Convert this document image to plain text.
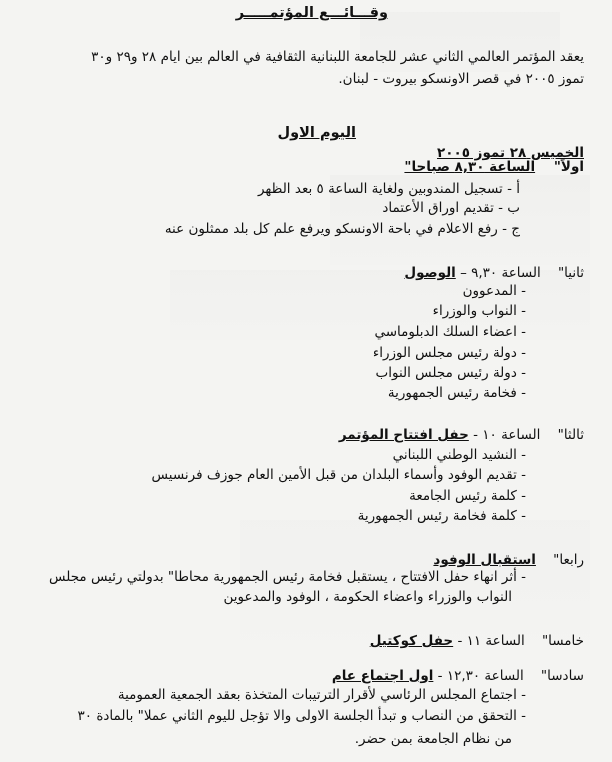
وقـــائـــع المؤتمـــــر
يعقد المؤتمر العالمي الثاني عشر للجامعة اللبنانية الثقافية في العالم بين ايام ٢٨ و٢٩ و٣٠
تموز ٢٠٠٥ في قصر الاونسكو بيروت - لبنان.
اليوم الاول
الخميس ٢٨ تموز ٢٠٠٥
اولاً"    الساعة ٨,٣٠ صباحا"
أ - تسجيل المندوبين ولغاية الساعة ٥ بعد الظهر
ب - تقديم اوراق الأعتماد
ج - رفع الاعلام في باحة الاونسكو ويرفع علم كل بلد ممثلون عنه
ثانيا"    الساعة ٩,٣٠ – الوصول
- المدعوون
- النواب والوزراء
- اعضاء السلك الدبلوماسي
- دولة رئيس مجلس الوزراء
- دولة رئيس مجلس النواب
- فخامة رئيس الجمهورية
ثالثا"    الساعة ١٠ - حفل افتتاح المؤتمر
- النشيد الوطني اللبناني
- تقديم الوفود وأسماء البلدان من قبل الأمين العام جوزف فرنسيس
- كلمة رئيس الجامعة
- كلمة فخامة رئيس الجمهورية
رابعا"    استقبال الوفود
- أثر انهاء حفل الافتتاح ، يستقبل فخامة رئيس الجمهورية محاطا" بدولتي رئيس مجلس
النواب والوزراء واعضاء الحكومة ، الوفود والمدعوين
خامسا"    الساعة ١١ - حفل كوكتيل
سادسا"    الساعة ١٢,٣٠ - اول اجتماع عام
- اجتماع المجلس الرئاسي لأقرار الترتيبات المتخذة بعقد الجمعية العمومية
- التحقق من النصاب و تبدأ الجلسة الاولى والا تؤجل لليوم الثاني عملا" بالمادة ٣٠
من نظام الجامعة بمن حضر.
